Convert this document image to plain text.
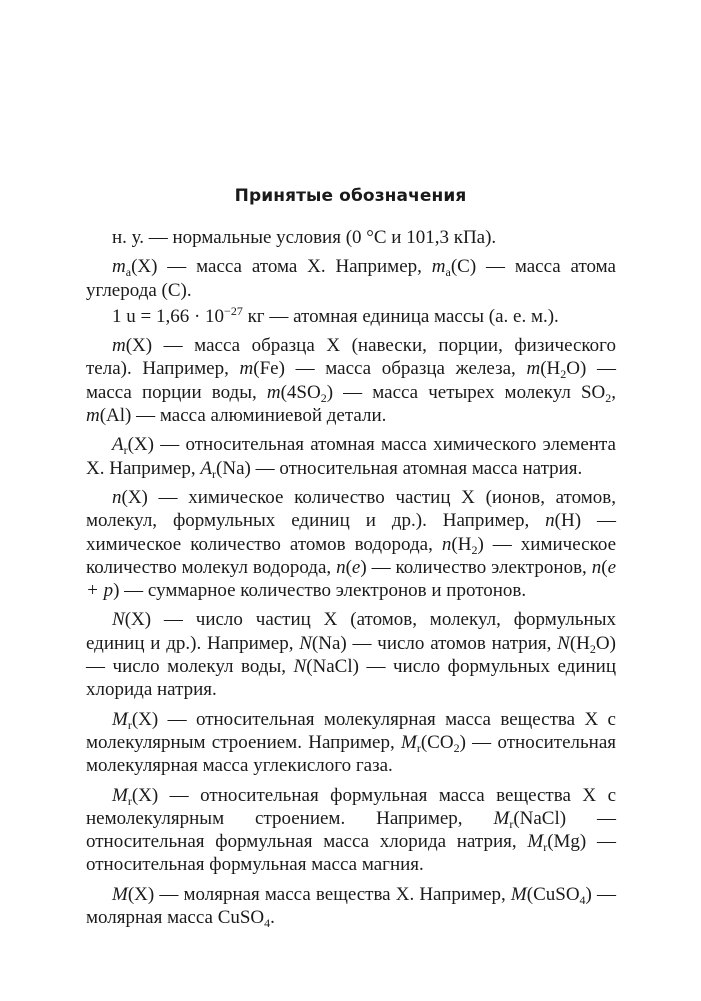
Принятые обозначения

н. у. — нормальные условия (0 °С и 101,3 кПа).

$m_a(X)$ — масса атома X. Например, $m_a(C)$ — масса атома углерода (C).

1 $u = 1,66 \cdot 10^{-27}$ кг — атомная единица массы (а. е. м.).

m(X) — масса образца X (навески, порции, физического тела). Например, m(Fe) — масса образца железа, $m(H_2O)$ — масса порции воды, $m(4SO_2)$ — масса четырех молекул $SO_2$, m(Al) — масса алюминиевой детали.

$A_r(X)$ — относительная атомная масса химического элемента X. Например, $A_r(Na)$ — относительная атомная масса натрия.

n(X) — химическое количество частиц X (ионов, атомов, молекул, формульных единиц и др.). Например, n(H) — химическое количество атомов водорода, $n(H_2)$ — химическое количество молекул водорода, n(e) — количество электронов, n(e + p) — суммарное количество электронов и протонов.

N(X) — число частиц X (атомов, молекул, формульных единиц и др.). Например, N(Na) — число атомов натрия, $N(H_2O)$ — число молекул воды, N(NaCl) — число формульных единиц хлорида натрия.

$M_r(X)$ — относительная молекулярная масса вещества X с молекулярным строением. Например, $M_r(CO_2)$ — относительная молекулярная масса углекислого газа.

$M_r(X)$ — относительная формульная масса вещества X с немолекулярным строением. Например, $M_r(NaCl)$ — относительная формульная масса хлорида натрия, $M_r(Mg)$ — относительная формульная масса магния.

M(X) — молярная масса вещества X. Например, M(CuSO$_4$) — молярная масса CuSO$_4$.
